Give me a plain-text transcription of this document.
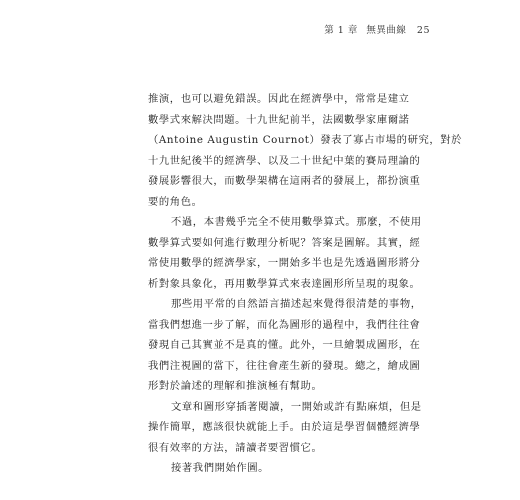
第 1 章 無異曲線 25
推演，也可以避免錯誤。因此在經濟學中，常常是建立
數學式來解決問題。十九世紀前半，法國數學家庫爾諾
（Antoine Augustin Cournot）發表了寡占市場的研究，對於
十九世紀後半的經濟學、以及二十世紀中葉的賽局理論的
發展影響很大，而數學架構在這兩者的發展上，都扮演重
要的角色。
不過，本書幾乎完全不使用數學算式。那麼，不使用
數學算式要如何進行數理分析呢？答案是圖解。其實，經
常使用數學的經濟學家，一開始多半也是先透過圖形將分
析對象具象化，再用數學算式來表達圖形所呈現的現象。
那些用平常的自然語言描述起來覺得很清楚的事物，
當我們想進一步了解，而化為圖形的過程中，我們往往會
發現自己其實並不是真的懂。此外，一旦繪製成圖形，在
我們注視圖的當下，往往會產生新的發現。總之，繪成圖
形對於論述的理解和推演極有幫助。
文章和圖形穿插著閱讀，一開始或許有點麻煩，但是
操作簡單，應該很快就能上手。由於這是學習個體經濟學
很有效率的方法，請讀者要習慣它。
接著我們開始作圖。
